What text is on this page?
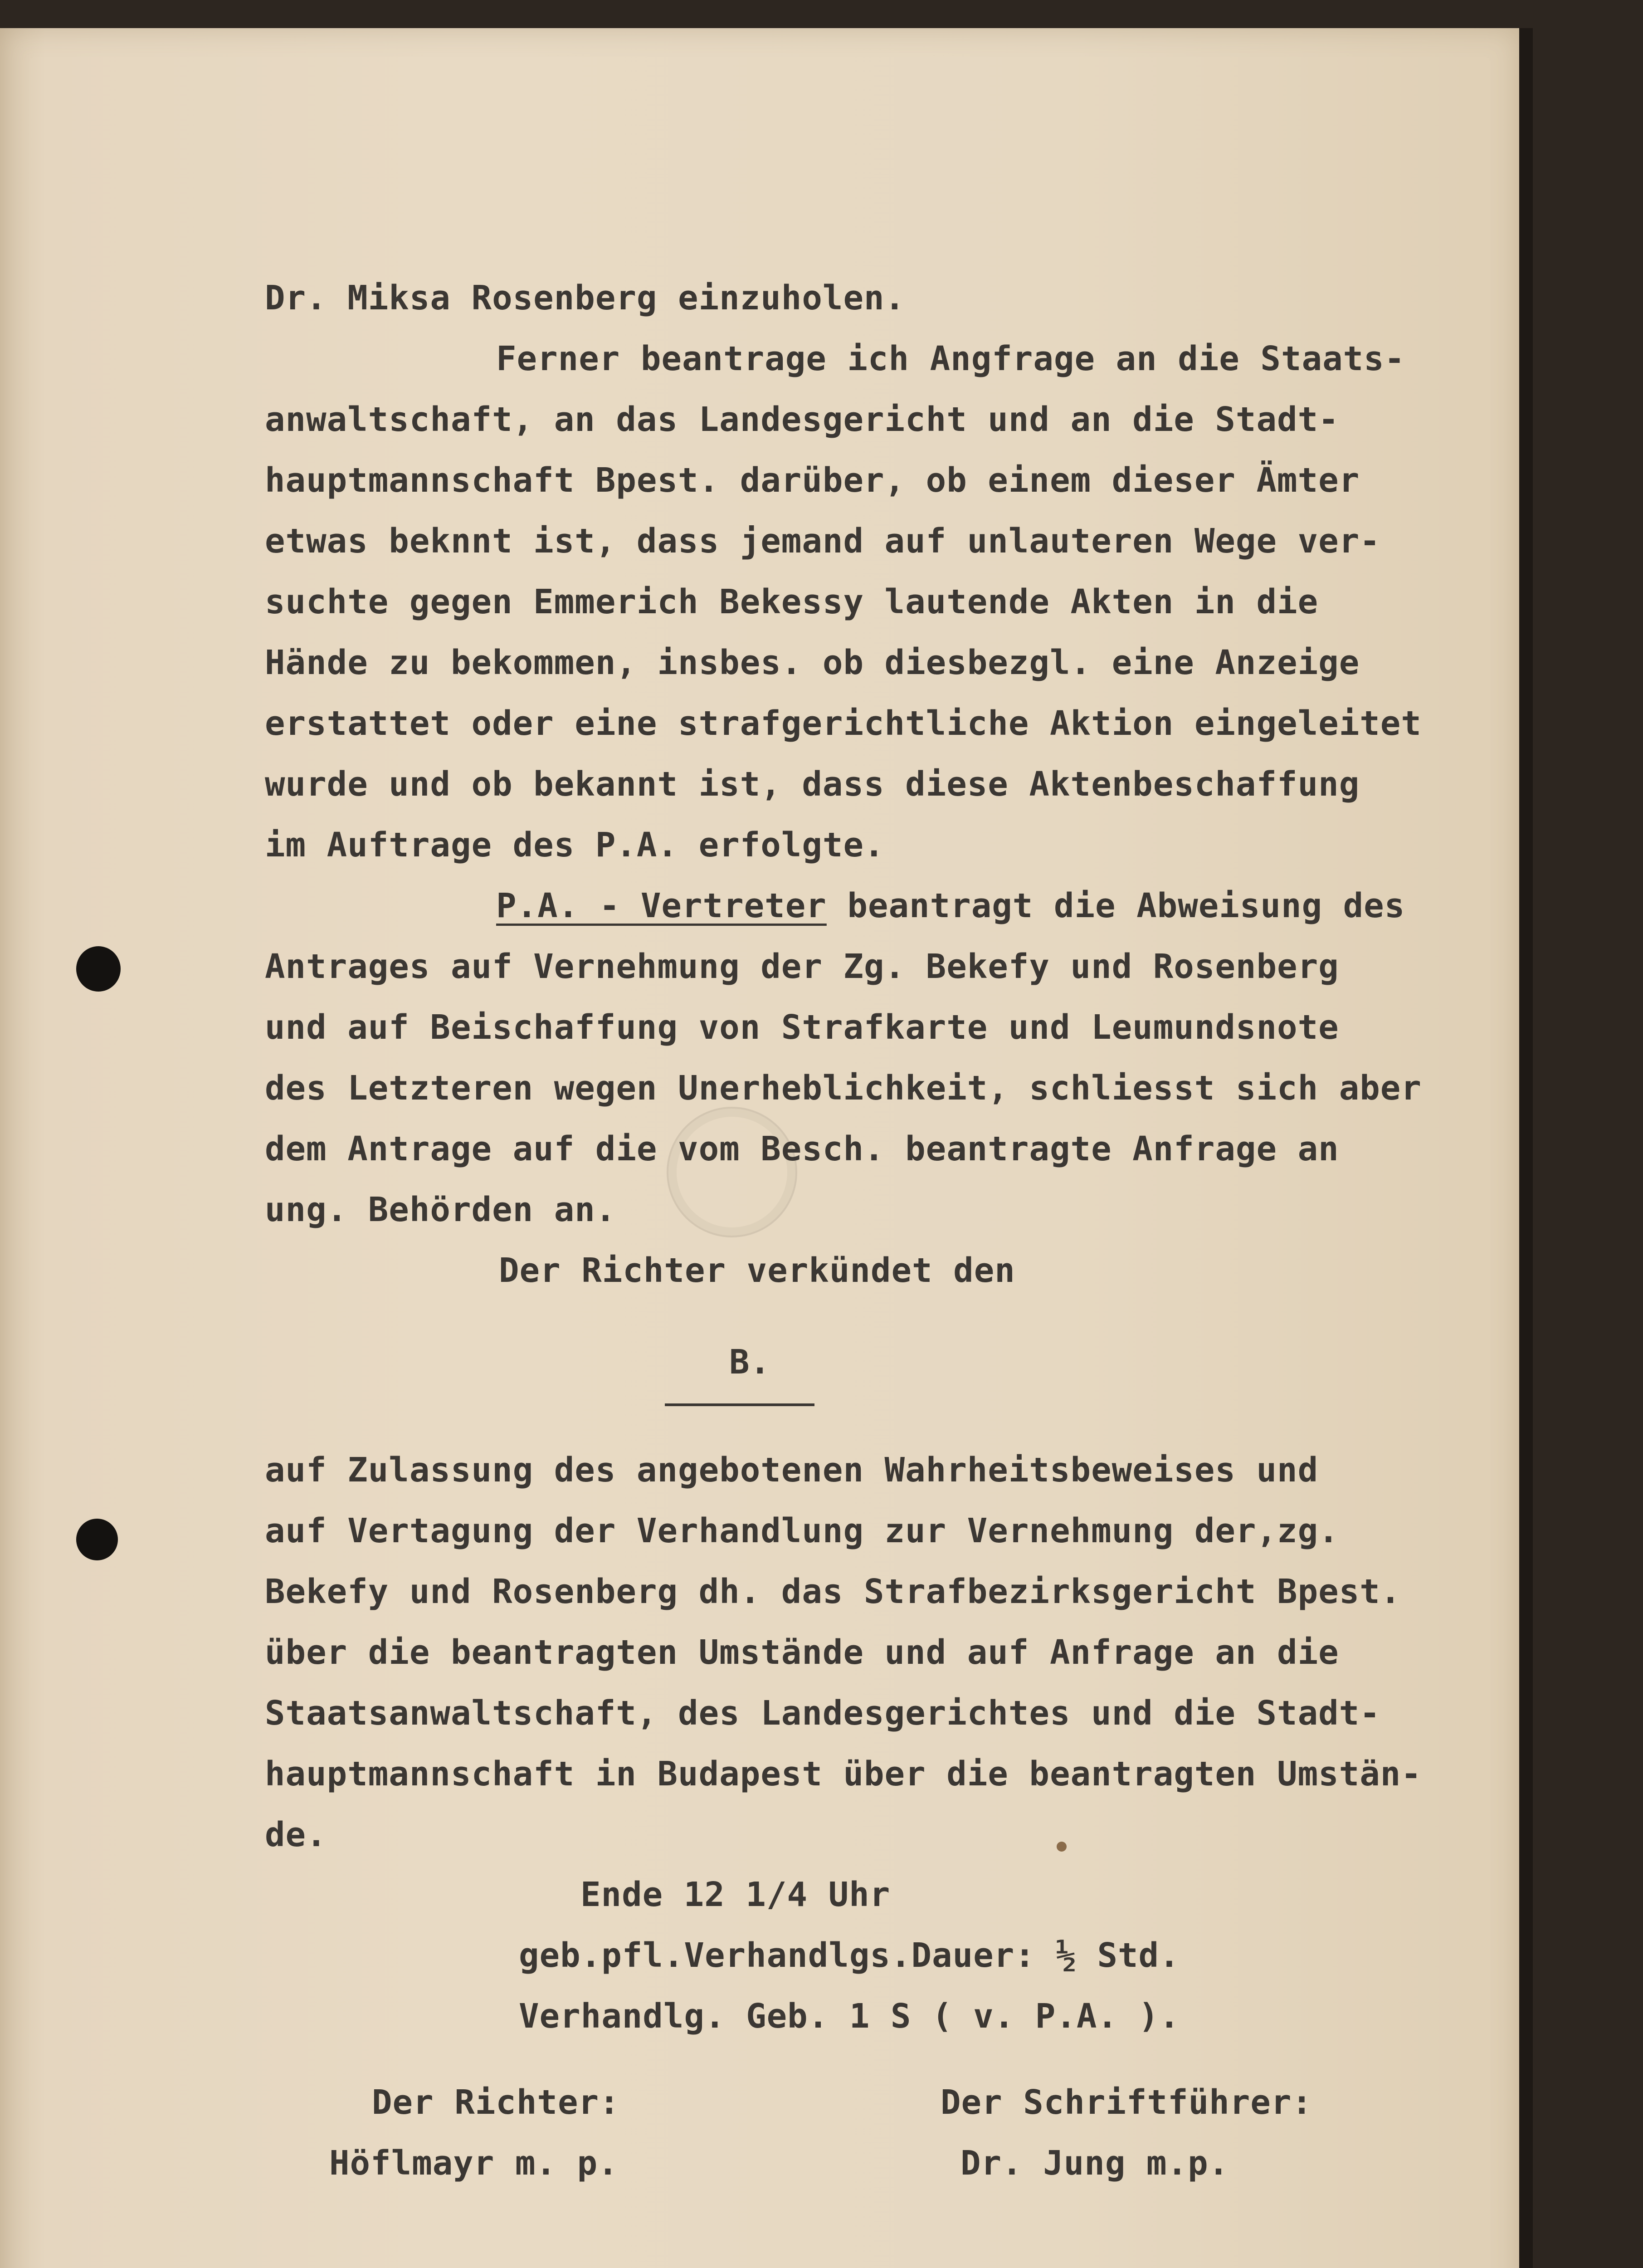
Dr. Miksa Rosenberg einzuholen.

Ferner beantrage ich Angfrage an die Staats-

anwaltschaft, an das Landesgericht und an die Stadt-

hauptmannschaft Bpest. darüber, ob einem dieser Ämter

etwas beknnt ist, dass jemand auf unlauteren Wege ver-

suchte gegen Emmerich Bekessy lautende Akten in die

Hände zu bekommen, insbes. ob diesbezgl. eine Anzeige

erstattet oder eine strafgerichtliche Aktion eingeleitet

wurde und ob bekannt ist, dass diese Aktenbeschaffung

im Auftrage des P.A. erfolgte.

P.A. - Vertreter beantragt die Abweisung des

Antrages auf Vernehmung der Zg. Bekefy und Rosenberg

und auf Beischaffung von Strafkarte und Leumundsnote

des Letzteren wegen Unerheblichkeit, schliesst sich aber

dem Antrage auf die vom Besch. beantragte Anfrage an

ung. Behörden an.

Der Richter verkündet den

B.

auf Zulassung des angebotenen Wahrheitsbeweises und

auf Vertagung der Verhandlung zur Vernehmung der,zg.

Bekefy und Rosenberg dh. das Strafbezirksgericht Bpest.

über die beantragten Umstände und auf Anfrage an die

Staatsanwaltschaft, des Landesgerichtes und die Stadt-

hauptmannschaft in Budapest über die beantragten Umstän-

de.

Ende 12 1/4 Uhr

geb.pfl.Verhandlgs.Dauer: ½ Std.

Verhandlg. Geb. 1 S ( v. P.A. ).

Der Richter:

Höflmayr m. p.

Der Schriftführer:

Dr. Jung m.p.
